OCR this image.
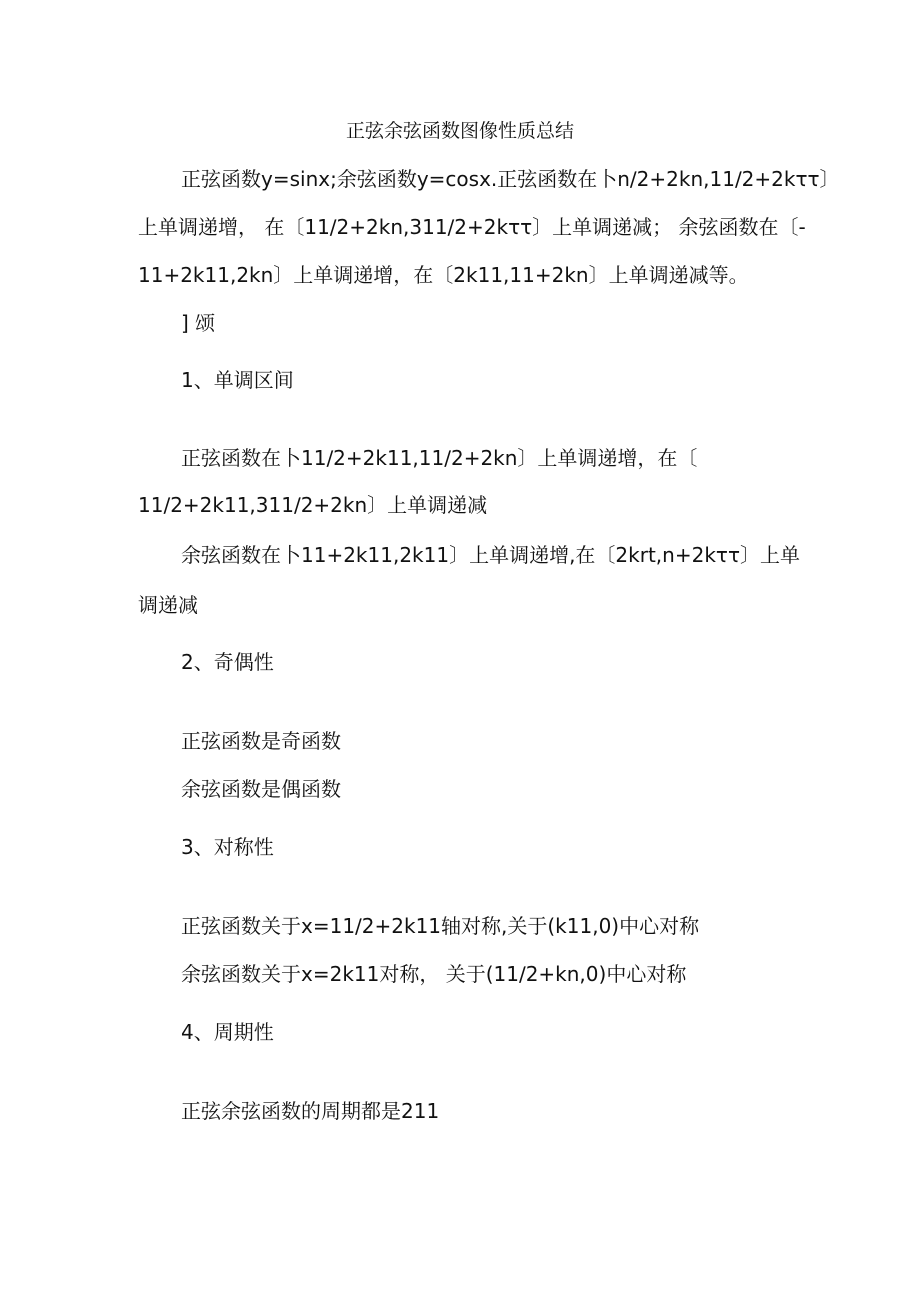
正弦余弦函数图像性质总结
正弦函数y=sinx;余弦函数y=cosx.正弦函数在卜n∕2+2kn,11∕2+2kττ〕
上单调递增， 在〔11∕2+2kn,311∕2+2kττ〕上单调递减； 余弦函数在〔-
11+2k11,2kn〕上单调递增，在〔2k11,11+2kn〕上单调递减等。
] 颂
1、单调区间
正弦函数在卜11∕2+2k11,11∕2+2kn〕上单调递增，在〔
11∕2+2k11,311∕2+2kn〕上单调递减
余弦函数在卜11+2k11,2k11〕上单调递增,在〔2krt,n+2kττ〕上单
调递减
2、奇偶性
正弦函数是奇函数
余弦函数是偶函数
3、对称性
正弦函数关于x=11∕2+2k11轴对称,关于(k11,0)中心对称
余弦函数关于x=2k11对称， 关于(11∕2+kn,0)中心对称
4、周期性
正弦余弦函数的周期都是211
